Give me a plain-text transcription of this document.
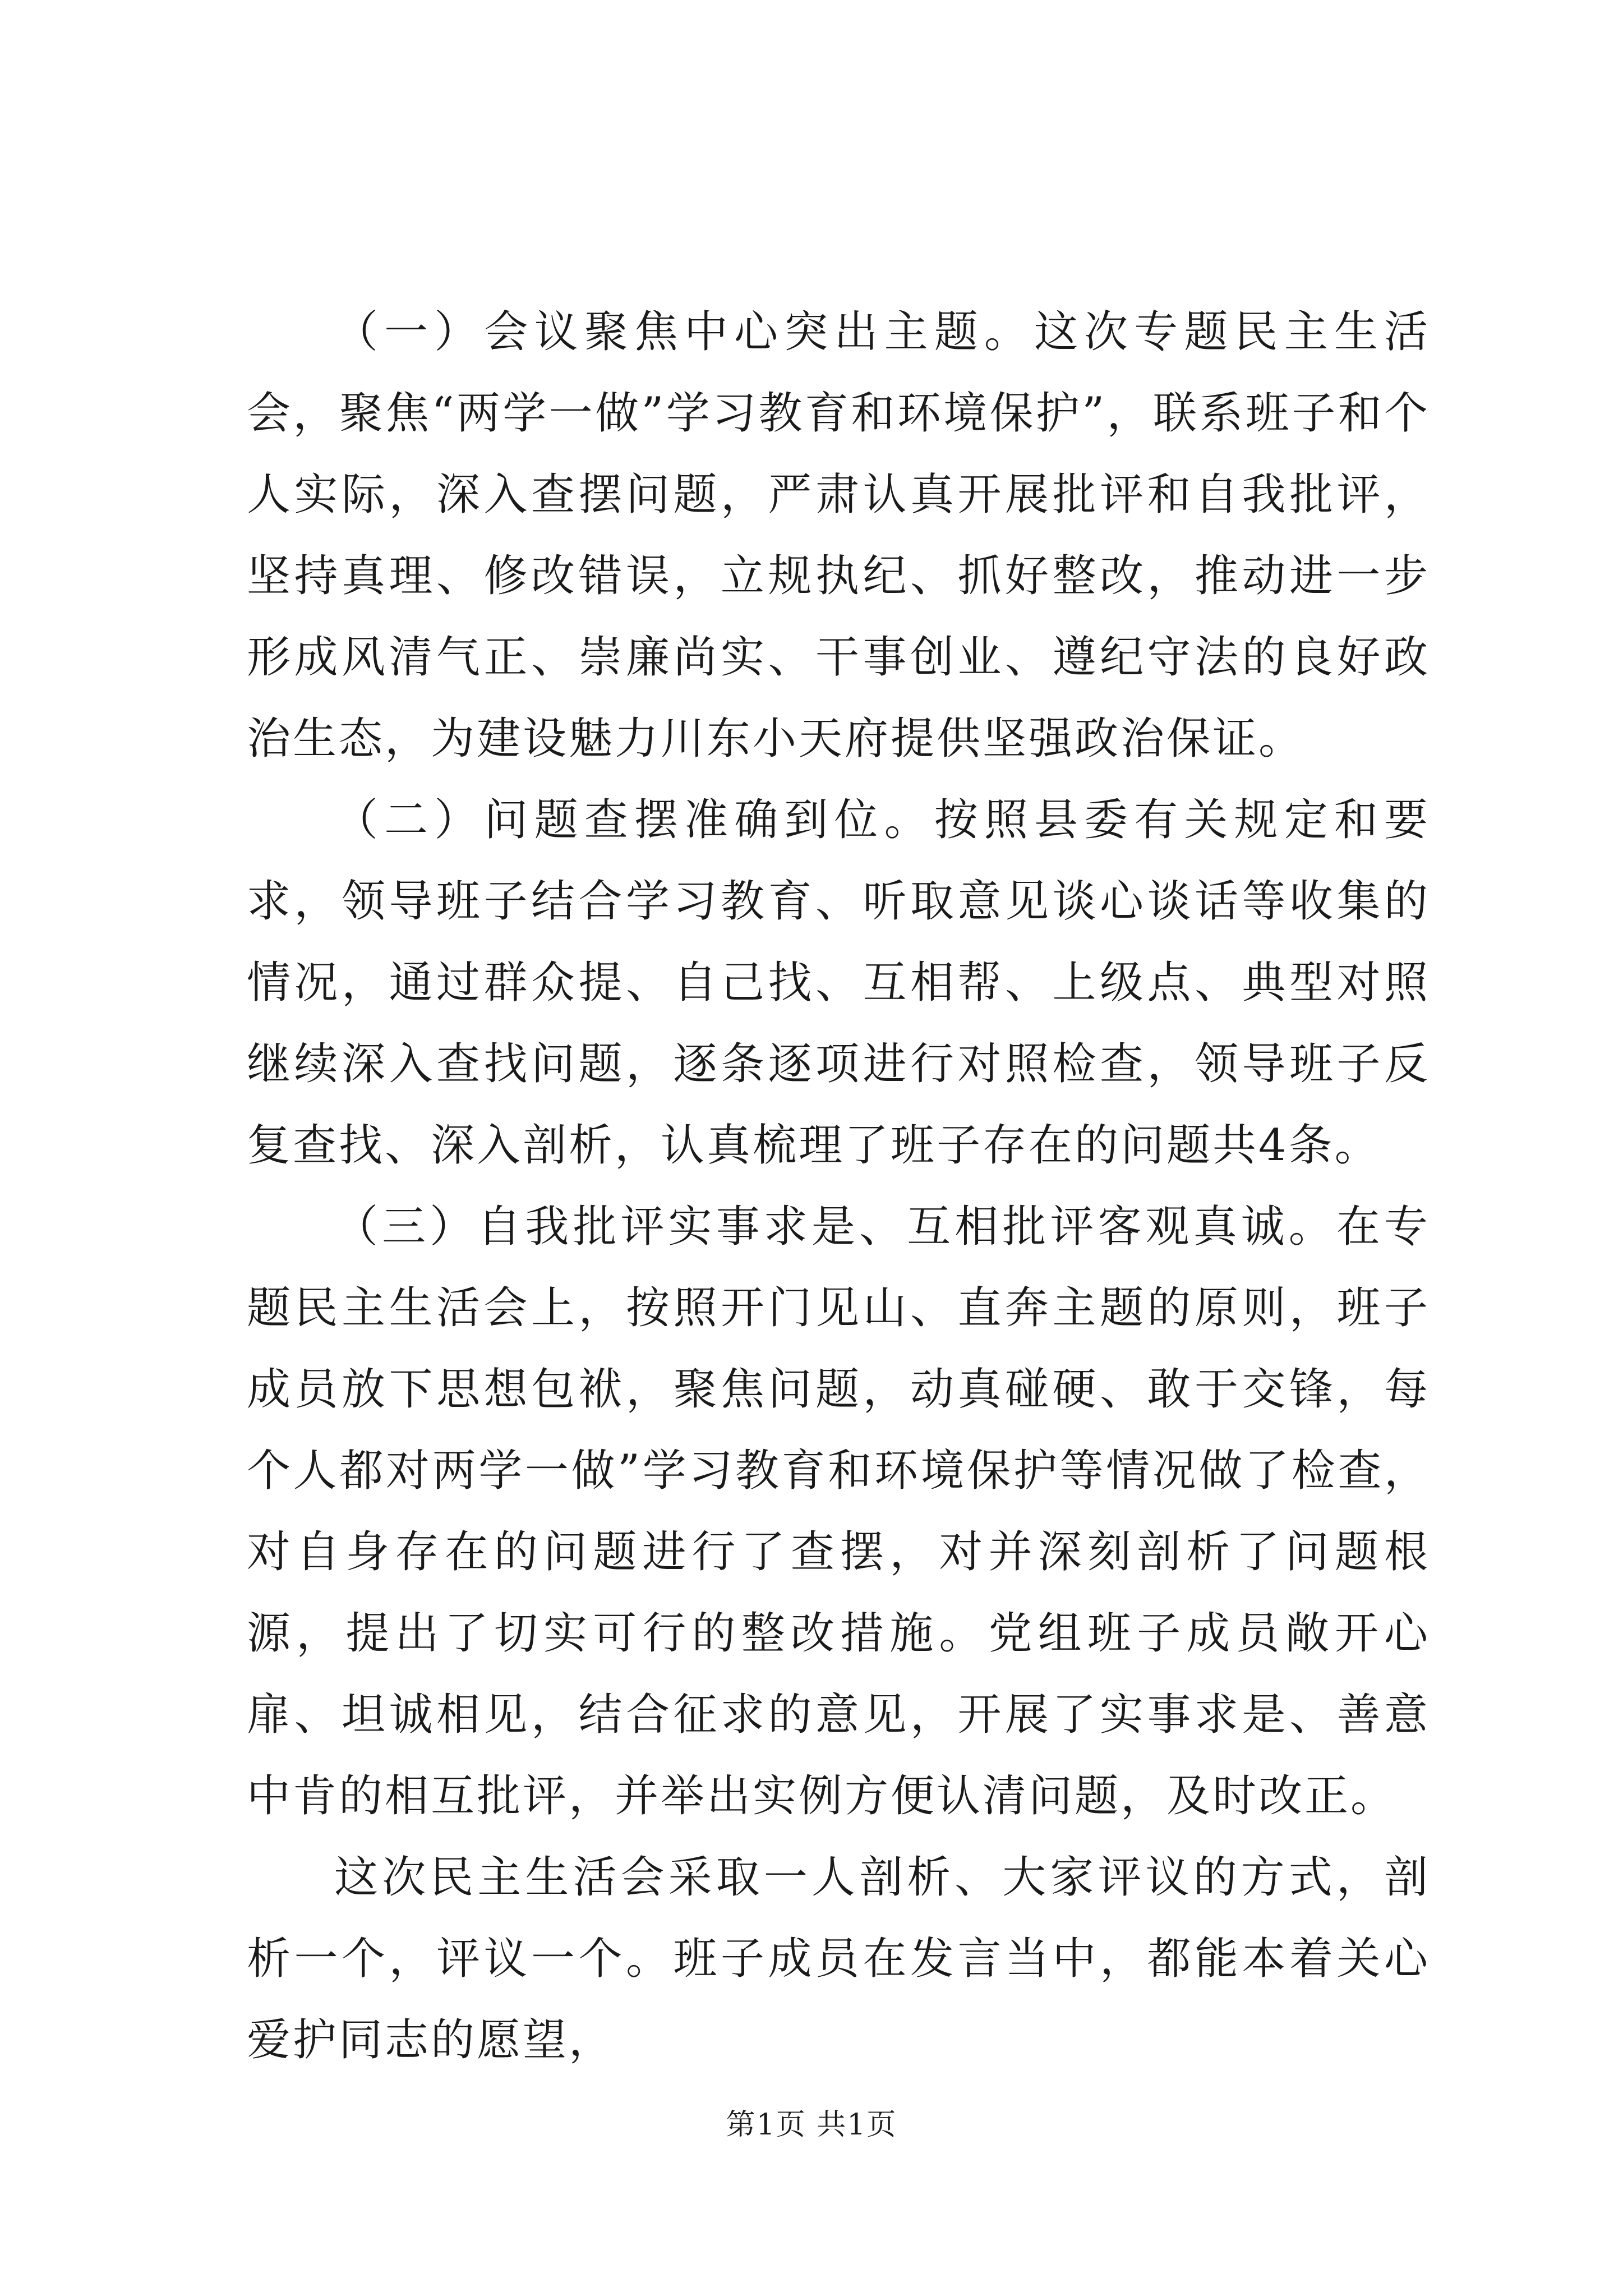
（一）会议聚焦中心突出主题。这次专题民主生活会，聚焦“两学一做”学习教育和环境保护”，联系班子和个人实际，深入查摆问题，严肃认真开展批评和自我批评，坚持真理、修改错误，立规执纪、抓好整改，推动进一步形成风清气正、崇廉尚实、干事创业、遵纪守法的良好政治生态，为建设魅力川东小天府提供坚强政治保证。

（二）问题查摆准确到位。按照县委有关规定和要求，领导班子结合学习教育、听取意见谈心谈话等收集的情况，通过群众提、自己找、互相帮、上级点、典型对照继续深入查找问题，逐条逐项进行对照检查，领导班子反复查找、深入剖析，认真梳理了班子存在的问题共4条。

（三）自我批评实事求是、互相批评客观真诚。在专题民主生活会上，按照开门见山、直奔主题的原则，班子成员放下思想包袱，聚焦问题，动真碰硬、敢于交锋，每个人都对两学一做”学习教育和环境保护等情况做了检查，对自身存在的问题进行了查摆，对并深刻剖析了问题根源，提出了切实可行的整改措施。党组班子成员敞开心扉、坦诚相见，结合征求的意见，开展了实事求是、善意中肯的相互批评，并举出实例方便认清问题，及时改正。

这次民主生活会采取一人剖析、大家评议的方式，剖析一个，评议一个。班子成员在发言当中，都能本着关心爱护同志的愿望，

第1页 共1页
